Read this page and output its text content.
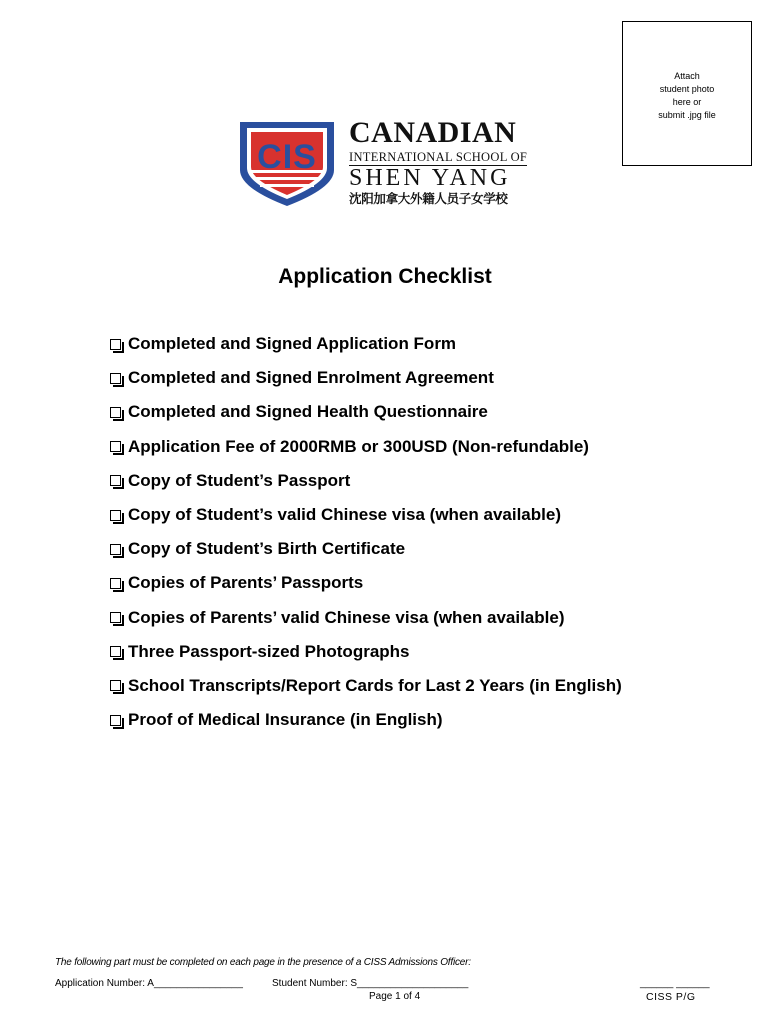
Attach
student photo
here or
submit .jpg file
CIS
CANADIAN
INTERNATIONAL SCHOOL OF
SHEN YANG
沈阳加拿大外籍人员子女学校
Application Checklist
Completed and Signed Application Form
Completed and Signed Enrolment Agreement
Completed and Signed Health Questionnaire
Application Fee of 2000RMB or 300USD (Non-refundable)
Copy of Student’s Passport
Copy of Student’s valid Chinese visa (when available)
Copy of Student’s Birth Certificate
Copies of Parents’ Passports
Copies of Parents’ valid Chinese visa (when available)
Three Passport-sized Photographs
School Transcripts/Report Cards for Last 2 Years (in English)
Proof of Medical Insurance (in English)
The following part must be completed on each page in the presence of a CISS Admissions Officer:
Application Number: A________________	Student Number: S____________________	______ ______
Page 1 of 4	CISS P/G
